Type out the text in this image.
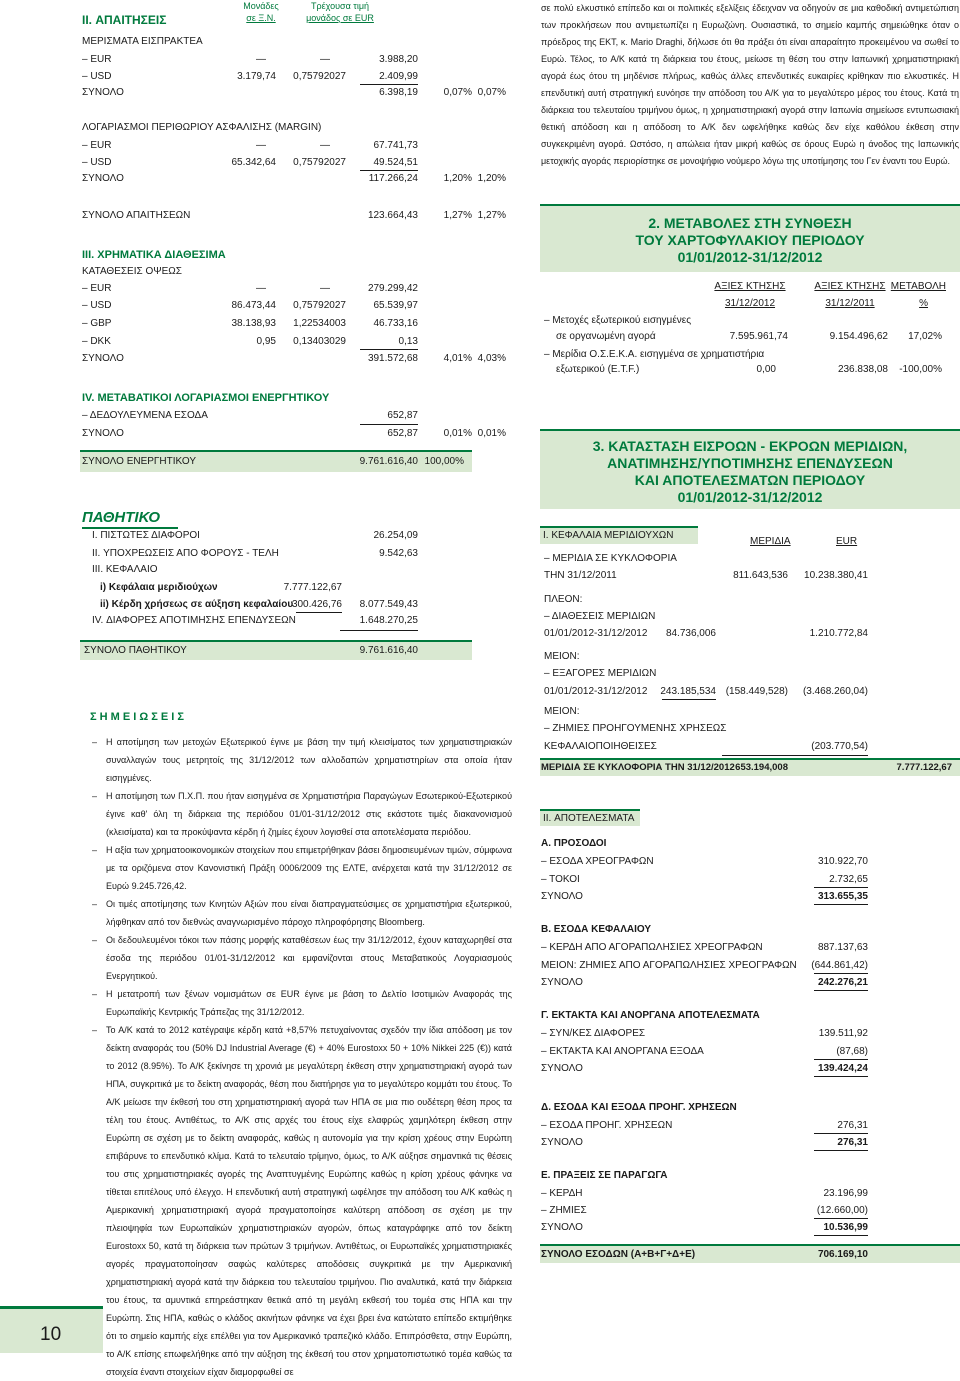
Μονάδες
σε Ξ.Ν.
Τρέχουσα τιμή
μονάδος σε EUR
II. ΑΠΑΙΤΗΣΕΙΣ
ΜΕΡΙΣΜΑΤΑ ΕΙΣΠΡΑΚΤΕΑ
– EUR	—	—	3.988,20
– USD	3.179,74	0,75792027	2.409,99
ΣΥΝΟΛΟ	6.398,19	0,07% 0,07%
ΛΟΓΑΡΙΑΣΜΟΙ ΠΕΡΙΘΩΡΙΟΥ ΑΣΦΑΛΙΣΗΣ (MARGIN)
– EUR	—	—	67.741,73
– USD	65.342,64	0,75792027	49.524,51
ΣΥΝΟΛΟ	117.266,24	1,20% 1,20%
ΣΥΝΟΛΟ ΑΠΑΙΤΗΣΕΩΝ	123.664,43	1,27% 1,27%
III. ΧΡΗΜΑΤΙΚΑ ΔΙΑΘΕΣΙΜΑ
ΚΑΤΑΘΕΣΕΙΣ ΟΨΕΩΣ
– EUR	—	—	279.299,42
– USD	86.473,44	0,75792027	65.539,97
– GBP	38.138,93	1,22534003	46.733,16
– DKK	0,95	0,13403029	0,13
ΣΥΝΟΛΟ	391.572,68	4,01% 4,03%
IV. ΜΕΤΑΒΑΤΙΚΟΙ ΛΟΓΑΡΙΑΣΜΟΙ ΕΝΕΡΓΗΤΙΚΟΥ
– ΔΕΔΟΥΛΕΥΜΕΝΑ ΕΣΟΔΑ	652,87
ΣΥΝΟΛΟ	652,87	0,01% 0,01%
ΣΥΝΟΛΟ ΕΝΕΡΓΗΤΙΚΟΥ	9.761.616,40 100,00%
ΠΑΘΗΤΙΚΟ
I. ΠΙΣΤΩΤΕΣ ΔΙΑΦΟΡΟΙ	26.254,09
II. ΥΠΟΧΡΕΩΣΕΙΣ ΑΠΟ ΦΟΡΟΥΣ - ΤΕΛΗ	9.542,63
III. ΚΕΦΑΛΑΙΟ
i) Κεφάλαια μεριδιούχων	7.777.122,67
ii) Κέρδη χρήσεως σε αύξηση κεφαλαίου
300.426,76	8.077.549,43
IV. ΔΙΑΦΟΡΕΣ ΑΠΟΤΙΜΗΣΗΣ ΕΠΕΝΔΥΣΕΩΝ	1.648.270,25
ΣΥΝΟΛΟ ΠΑΘΗΤΙΚΟΥ	9.761.616,40
Σ Η Μ Ε Ι Ω Σ Ε Ι Σ

– Η αποτίμηση των μετοχών Εξωτερικού έγινε με βάση την τιμή κλεισίματος των χρηματιστηριακών συναλλαγών τους μετρητοίς της 31/12/2012 των αλλοδαπών χρηματιστηρίων στα οποία ήταν εισηγμένες.

– Η αποτίμηση των Π.Χ.Π. που ήταν εισηγμένα σε Χρηματιστήρια Παραγώγων Εσωτερικού-Εξωτερικού έγινε καθ' όλη τη διάρκεια της περιόδου 01/01-31/12/2012 στις εκάστοτε τιμές διακανονισμού (κλεισίματα) και τα προκύψαντα κέρδη ή ζημίες έχουν λογισθεί στα αποτελέσματα περιόδου.

– Η αξία των χρηματοοικονομικών στοιχείων που επιμετρήθηκαν βάσει δημοσιευμένων τιμών, σύμφωνα με τα οριζόμενα στον Κανονιστική Πράξη 0006/2009 της ΕΛΤΕ, ανέρχεται κατά την 31/12/2012 σε Ευρώ 9.245.726,42.

– Οι τιμές αποτίμησης των Κινητών Αξιών που είναι διαπραγματεύσιμες σε χρηματιστήρια εξωτερικού, λήφθηκαν από τον διεθνώς αναγνωρισμένο πάροχο πληροφόρησης Bloomberg.

– Οι δεδουλευμένοι τόκοι των πάσης μορφής καταθέσεων έως την 31/12/2012, έχουν καταχωρηθεί στα έσοδα της περιόδου 01/01-31/12/2012 και εμφανίζονται στους Μεταβατικούς Λογαριασμούς Ενεργητικού.

– Η μετατροπή των ξένων νομισμάτων σε EUR έγινε με βάση το Δελτίο Ισοτιμιών Αναφοράς της Ευρωπαϊκής Κεντρικής Τράπεζας της 31/12/2012.

– Το Α/Κ κατά το 2012 κατέγραψε κέρδη κατά +8,57% πετυχαίνοντας σχεδόν την ίδια απόδοση με τον δείκτη αναφοράς του (50% DJ Industrial Average (€) + 40% Eurostoxx 50 + 10% Nikkei 225 (€)) κατά το 2012 (8.95%). Το Α/Κ ξεκίνησε τη χρονιά με μεγαλύτερη έκθεση στην χρηματιστηριακή αγορά των ΗΠΑ, συγκριτικά με το δείκτη αναφοράς, θέση που διατήρησε για το μεγαλύτερο κομμάτι του έτους. Το Α/Κ μείωσε την έκθεσή του στη χρηματιστηριακή αγορά των ΗΠΑ σε μια πιο ουδέτερη θέση προς τα τέλη του έτους. Αντιθέτως, το Α/Κ στις αρχές του έτους είχε ελαφρώς χαμηλότερη έκθεση στην Ευρώπη σε σχέση με το δείκτη αναφοράς, καθώς η αυτονομία για την κρίση χρέους στην Ευρώπη επιβάρυνε το επενδυτικό κλίμα. Κατά το τελευταίο τρίμηνο, όμως, το Α/Κ αύξησε σημαντικά τις θέσεις του στις χρηματιστηριακές αγορές της Αναπτυγμένης Ευρώπης καθώς η κρίση χρέους φάνηκε να τίθεται επιτέλους υπό έλεγχο. Η επενδυτική αυτή στρατηγική ωφέλησε την απόδοση του Α/Κ καθώς η Αμερικανική χρηματιστηριακή αγορά πραγματοποίησε καλύτερη απόδοση σε σχέση με την πλειοψηφία των Ευρωπαϊκών χρηματιστηριακών αγορών, όπως καταγράφηκε από τον δείκτη Eurostoxx 50, κατά τη διάρκεια των πρώτων 3 τριμήνων. Αντιθέτως, οι Ευρωπαϊκές χρηματιστηριακές αγορές πραγματοποίησαν σαφώς καλύτερες αποδόσεις συγκριτικά με την Αμερικανική χρηματιστηριακή αγορά κατά την διάρκεια του τελευταίου τριμήνου. Πιο αναλυτικά, κατά την διάρκεια του έτους, τα αμυντικά επηρεάστηκαν θετικά από τη μεγάλη εκθεσή του τομέα στις ΗΠΑ και την Ευρώπη. Στις ΗΠΑ, καθώς ο κλάδος ακινήτων φάνηκε να έχει βρει ένα κατώτατο επίπεδο εκτιμήθηκε ότι το σημείο καμπής είχε επέλθει για τον Αμερικανικό τραπεζικό κλάδο. Επιπρόσθετα, στην Ευρώπη, το Α/Κ επίσης επωφελήθηκε από την αύξηση της έκθεσή του στον χρηματοπιστωτικό τομέα καθώς τα στοιχεία έναντι στοιχείων είχαν διαμορφωθεί σε

σε πολύ ελκυστικό επίπεδο και οι πολιτικές εξελίξεις έδειχναν να οδηγούν σε μια καθοδική αντιμετώπιση των προκλήσεων που αντιμετωπίζει η Ευρωζώνη. Ουσιαστικά, το σημείο καμπής σημειώθηκε όταν ο πρόεδρος της ΕΚΤ, κ. Mario Draghi, δήλωσε ότι θα πράξει ότι είναι απαραίτητο προκειμένου να σωθεί το Ευρώ. Τέλος, το Α/Κ κατά τη διάρκεια του έτους, μείωσε τη θέση του στην Ιαπωνική χρηματιστηριακή αγορά έως ότου τη μηδένισε πλήρως, καθώς άλλες επενδυτικές ευκαιρίες κρίθηκαν πιο ελκυστικές. Η επενδυτική αυτή στρατηγική ευνόησε την απόδοση του Α/Κ για το μεγαλύτερο μέρος του έτους. Κατά τη διάρκεια του τελευταίου τριμήνου όμως, η χρηματιστηριακή αγορά στην Ιαπωνία σημείωσε εντυπωσιακή θετική απόδοση και η απόδοση το Α/Κ δεν ωφελήθηκε καθώς δεν είχε καθόλου έκθεση στην συγκεκριμένη αγορά. Ωστόσο, η απώλεια ήταν μικρή καθώς σε όρους Ευρώ η άνοδος της Ιαπωνικής μετοχικής αγοράς περιορίστηκε σε μονοψήφιο νούμερο λόγω της υποτίμησης του Γεν έναντι του Ευρώ.
2. ΜΕΤΑΒΟΛΕΣ ΣΤΗ ΣΥΝΘΕΣΗ
ΤΟΥ ΧΑΡΤΟΦΥΛΑΚΙΟΥ ΠΕΡΙΟΔΟΥ
01/01/2012-31/12/2012
ΑΞΙΕΣ ΚΤΗΣΗΣ	ΑΞΙΕΣ ΚΤΗΣΗΣ ΜΕΤΑΒΟΛΗ
31/12/2012	31/12/2011	%
– Μετοχές εξωτερικού εισηγμένες
σε οργανωμένη αγορά	7.595.961,74	9.154.496,62	17,02%
– Μερίδια Ο.Σ.Ε.Κ.Α. εισηγμένα σε χρηματιστήρια
εξωτερικού (Ε.Τ.F.)	0,00	236.838,08	-100,00%
3. ΚΑΤΑΣΤΑΣΗ ΕΙΣΡΟΩΝ - ΕΚΡΟΩΝ ΜΕΡΙΔΙΩΝ,
ΑΝΑΤΙΜΗΣΗΣ/ΥΠΟΤΙΜΗΣΗΣ ΕΠΕΝΔΥΣΕΩΝ
ΚΑΙ ΑΠΟΤΕΛΕΣΜΑΤΩΝ ΠΕΡΙΟΔΟΥ
01/01/2012-31/12/2012
I. ΚΕΦΑΛΑΙΑ ΜΕΡΙΔΙΟΥΧΩΝ
ΜΕΡΙΔΙΑ	EUR
– ΜΕΡΙΔΙΑ ΣΕ ΚΥΚΛΟΦΟΡΙΑ
ΤΗΝ 31/12/2011	811.643,536	10.238.380,41
ΠΛΕΟΝ:
– ΔΙΑΘΕΣΕΙΣ ΜΕΡΙΔΙΩΝ
01/01/2012-31/12/2012	84.736,006	1.210.772,84
ΜΕΙΟΝ:
– ΕΞΑΓΟΡΕΣ ΜΕΡΙΔΙΩΝ
01/01/2012-31/12/2012	243.185,534 (158.449,528)	(3.468.260,04)
ΜΕΙΟΝ:
– ΖΗΜΙΕΣ ΠΡΟΗΓΟΥΜΕΝΗΣ ΧΡΗΣΕΩΣ
ΚΕΦΑΛΑΙΟΠΟΙΗΘΕΙΣΕΣ	(203.770,54)
ΜΕΡΙΔΙΑ ΣΕ ΚΥΚΛΟΦΟΡΙΑ ΤΗΝ 31/12/2012 653.194,008	7.777.122,67
II. ΑΠΟΤΕΛΕΣΜΑΤΑ
Α. ΠΡΟΣΟΔΟΙ
– ΕΣΟΔΑ ΧΡΕΟΓΡΑΦΩΝ	310.922,70
– ΤΟΚΟΙ	2.732,65
ΣΥΝΟΛΟ	313.655,35
Β. ΕΣΟΔΑ ΚΕΦΑΛΑΙΟΥ
– ΚΕΡΔΗ ΑΠΟ ΑΓΟΡΑΠΩΛΗΣΙΕΣ ΧΡΕΟΓΡΑΦΩΝ	887.137,63
ΜΕΙΟΝ: ΖΗΜΙΕΣ ΑΠΟ ΑΓΟΡΑΠΩΛΗΣΙΕΣ ΧΡΕΟΓΡΑΦΩΝ	(644.861,42)
ΣΥΝΟΛΟ	242.276,21
Γ. ΕΚΤΑΚΤΑ ΚΑΙ ΑΝΟΡΓΑΝΑ ΑΠΟΤΕΛΕΣΜΑΤΑ
– ΣΥΝ/ΚΕΣ ΔΙΑΦΟΡΕΣ	139.511,92
– ΕΚΤΑΚΤΑ ΚΑΙ ΑΝΟΡΓΑΝΑ ΕΞΟΔΑ	(87,68)
ΣΥΝΟΛΟ	139.424,24
Δ. ΕΣΟΔΑ ΚΑΙ ΕΞΟΔΑ ΠΡΟΗΓ. ΧΡΗΣΕΩΝ
– ΕΣΟΔΑ ΠΡΟΗΓ. ΧΡΗΣΕΩΝ	276,31
ΣΥΝΟΛΟ	276,31
Ε. ΠΡΑΞΕΙΣ ΣΕ ΠΑΡΑΓΩΓΑ
– ΚΕΡΔΗ	23.196,99
– ΖΗΜΙΕΣ	(12.660,00)
ΣΥΝΟΛΟ	10.536,99
ΣΥΝΟΛΟ ΕΣΟΔΩΝ (Α+Β+Γ+Δ+Ε)	706.169,10
10
